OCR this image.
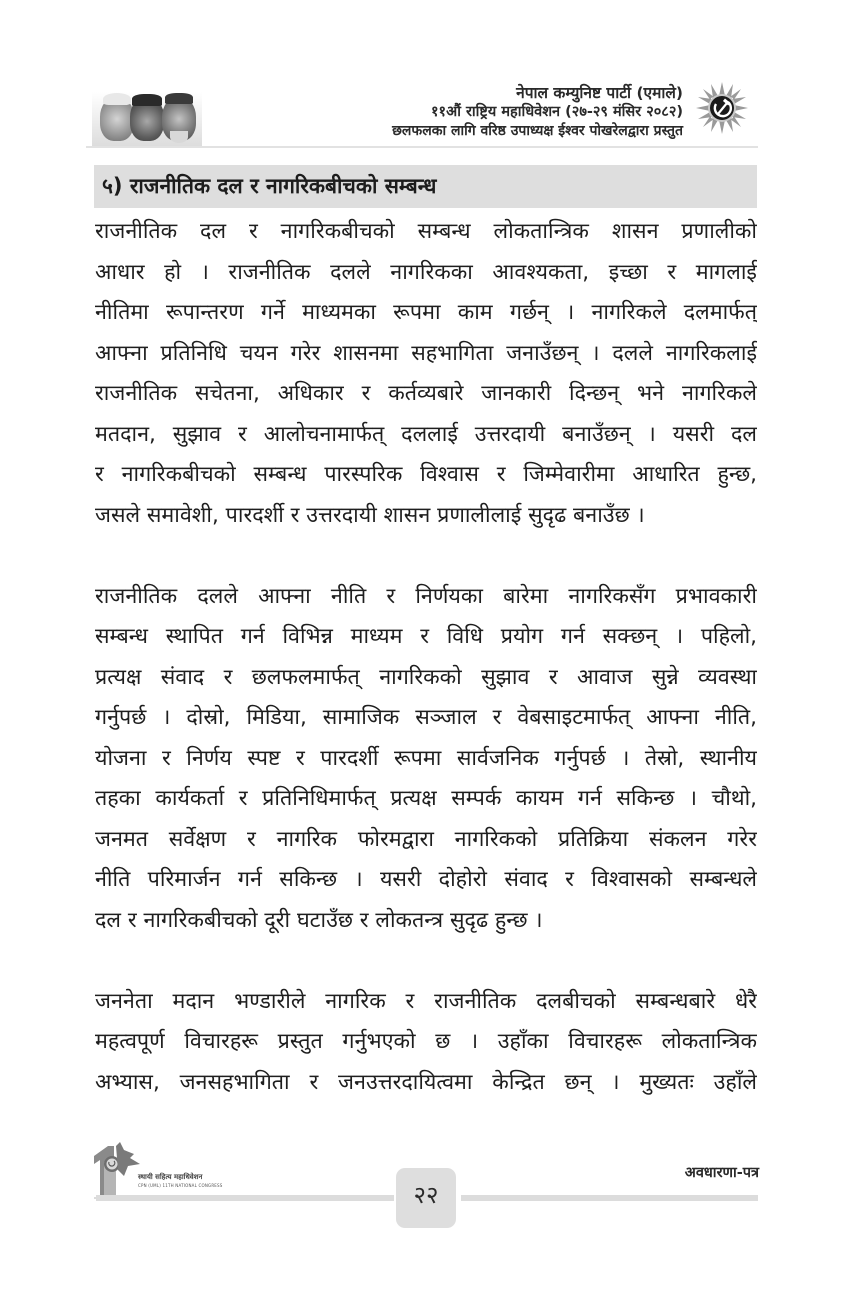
नेपाल कम्युनिष्ट पार्टी (एमाले)
११औं राष्ट्रिय महाधिवेशन (२७-२९ मंसिर २०८२)
छलफलका लागि वरिष्ठ उपाध्यक्ष ईश्वर पोखरेलद्वारा प्रस्तुत
५) राजनीतिक दल र नागरिकबीचको सम्बन्ध
राजनीतिक दल र नागरिकबीचको सम्बन्ध लोकतान्त्रिक शासन प्रणालीको
आधार हो । राजनीतिक दलले नागरिकका आवश्यकता, इच्छा र मागलाई
नीतिमा रूपान्तरण गर्ने माध्यमका रूपमा काम गर्छन् । नागरिकले दलमार्फत्
आफ्ना प्रतिनिधि चयन गरेर शासनमा सहभागिता जनाउँछन् । दलले नागरिकलाई
राजनीतिक सचेतना, अधिकार र कर्तव्यबारे जानकारी दिन्छन् भने नागरिकले
मतदान, सुझाव र आलोचनामार्फत् दललाई उत्तरदायी बनाउँछन् । यसरी दल
र नागरिकबीचको सम्बन्ध पारस्परिक विश्वास र जिम्मेवारीमा आधारित हुन्छ,
जसले समावेशी, पारदर्शी र उत्तरदायी शासन प्रणालीलाई सुदृढ बनाउँछ ।
राजनीतिक दलले आफ्ना नीति र निर्णयका बारेमा नागरिकसँग प्रभावकारी
सम्बन्ध स्थापित गर्न विभिन्न माध्यम र विधि प्रयोग गर्न सक्छन् । पहिलो,
प्रत्यक्ष संवाद र छलफलमार्फत् नागरिकको सुझाव र आवाज सुन्ने व्यवस्था
गर्नुपर्छ । दोस्रो, मिडिया, सामाजिक सञ्जाल र वेबसाइटमार्फत् आफ्ना नीति,
योजना र निर्णय स्पष्ट र पारदर्शी रूपमा सार्वजनिक गर्नुपर्छ । तेस्रो, स्थानीय
तहका कार्यकर्ता र प्रतिनिधिमार्फत् प्रत्यक्ष सम्पर्क कायम गर्न सकिन्छ । चौथो,
जनमत सर्वेक्षण र नागरिक फोरमद्वारा नागरिकको प्रतिक्रिया संकलन गरेर
नीति परिमार्जन गर्न सकिन्छ । यसरी दोहोरो संवाद र विश्वासको सम्बन्धले
दल र नागरिकबीचको दूरी घटाउँछ र लोकतन्त्र सुदृढ हुन्छ ।
जननेता मदान भण्डारीले नागरिक र राजनीतिक दलबीचको सम्बन्धबारे धेरै
महत्वपूर्ण विचारहरू प्रस्तुत गर्नुभएको छ । उहाँका विचारहरू लोकतान्त्रिक
अभ्यास, जनसहभागिता र जनउत्तरदायित्वमा केन्द्रित छन् । मुख्यतः उहाँले
स्थायी सहित्य महाधिवेशन
CPN (UML) 11TH NATIONAL CONGRESS	२२
अवधारणा-पत्र
